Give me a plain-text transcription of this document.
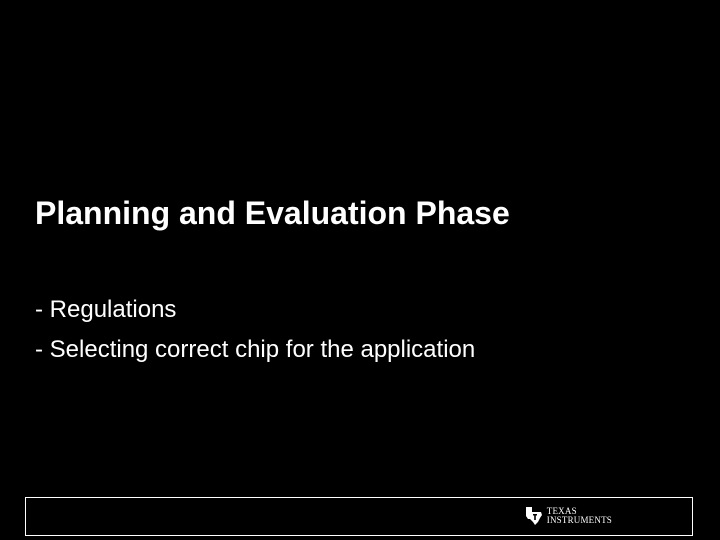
Planning and Evaluation Phase
- Regulations
- Selecting correct chip for the application
TEXAS
INSTRUMENTS
